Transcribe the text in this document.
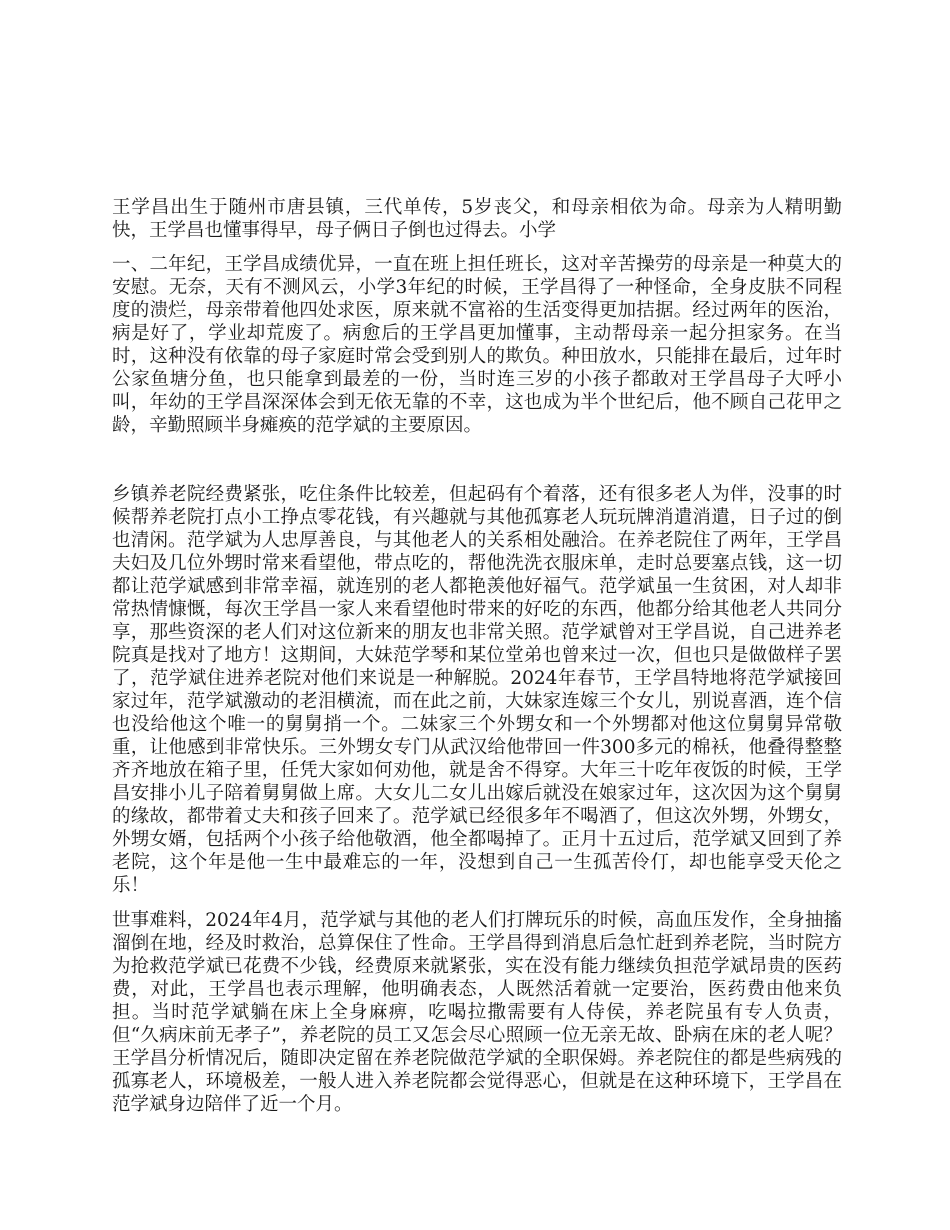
王学昌出生于随州市唐县镇，三代单传，5岁丧父，和母亲相依为命。母亲为人精明勤快，王学昌也懂事得早，母子俩日子倒也过得去。小学

一、二年纪，王学昌成绩优异，一直在班上担任班长，这对辛苦操劳的母亲是一种莫大的安慰。无奈，天有不测风云，小学3年纪的时候，王学昌得了一种怪命，全身皮肤不同程度的溃烂，母亲带着他四处求医，原来就不富裕的生活变得更加拮据。经过两年的医治，病是好了，学业却荒废了。病愈后的王学昌更加懂事，主动帮母亲一起分担家务。在当时，这种没有依靠的母子家庭时常会受到别人的欺负。种田放水，只能排在最后，过年时公家鱼塘分鱼，也只能拿到最差的一份，当时连三岁的小孩子都敢对王学昌母子大呼小叫，年幼的王学昌深深体会到无依无靠的不幸，这也成为半个世纪后，他不顾自己花甲之龄，辛勤照顾半身瘫痪的范学斌的主要原因。

乡镇养老院经费紧张，吃住条件比较差，但起码有个着落，还有很多老人为伴，没事的时候帮养老院打点小工挣点零花钱，有兴趣就与其他孤寡老人玩玩牌消遣消遣，日子过的倒也清闲。范学斌为人忠厚善良，与其他老人的关系相处融洽。在养老院住了两年，王学昌夫妇及几位外甥时常来看望他，带点吃的，帮他洗洗衣服床单，走时总要塞点钱，这一切都让范学斌感到非常幸福，就连别的老人都艳羡他好福气。范学斌虽一生贫困，对人却非常热情慷慨，每次王学昌一家人来看望他时带来的好吃的东西，他都分给其他老人共同分享，那些资深的老人们对这位新来的朋友也非常关照。范学斌曾对王学昌说，自己进养老院真是找对了地方！这期间，大妹范学琴和某位堂弟也曾来过一次，但也只是做做样子罢了，范学斌住进养老院对他们来说是一种解脱。2024年春节，王学昌特地将范学斌接回家过年，范学斌激动的老泪横流，而在此之前，大妹家连嫁三个女儿，别说喜酒，连个信也没给他这个唯一的舅舅捎一个。二妹家三个外甥女和一个外甥都对他这位舅舅异常敬重，让他感到非常快乐。三外甥女专门从武汉给他带回一件300多元的棉袄，他叠得整整齐齐地放在箱子里，任凭大家如何劝他，就是舍不得穿。大年三十吃年夜饭的时候，王学昌安排小儿子陪着舅舅做上席。大女儿二女儿出嫁后就没在娘家过年，这次因为这个舅舅的缘故，都带着丈夫和孩子回来了。范学斌已经很多年不喝酒了，但这次外甥，外甥女，外甥女婿，包括两个小孩子给他敬酒，他全都喝掉了。正月十五过后，范学斌又回到了养老院，这个年是他一生中最难忘的一年，没想到自己一生孤苦伶仃，却也能享受天伦之乐！

世事难料，2024年4月，范学斌与其他的老人们打牌玩乐的时候，高血压发作，全身抽搐溜倒在地，经及时救治，总算保住了性命。王学昌得到消息后急忙赶到养老院，当时院方为抢救范学斌已花费不少钱，经费原来就紧张，实在没有能力继续负担范学斌昂贵的医药费，对此，王学昌也表示理解，他明确表态，人既然活着就一定要治，医药费由他来负担。当时范学斌躺在床上全身麻痹，吃喝拉撒需要有人侍侯，养老院虽有专人负责，但“久病床前无孝子”，养老院的员工又怎会尽心照顾一位无亲无故、卧病在床的老人呢？王学昌分析情况后，随即决定留在养老院做范学斌的全职保姆。养老院住的都是些病残的孤寡老人，环境极差，一般人进入养老院都会觉得恶心，但就是在这种环境下，王学昌在范学斌身边陪伴了近一个月。
